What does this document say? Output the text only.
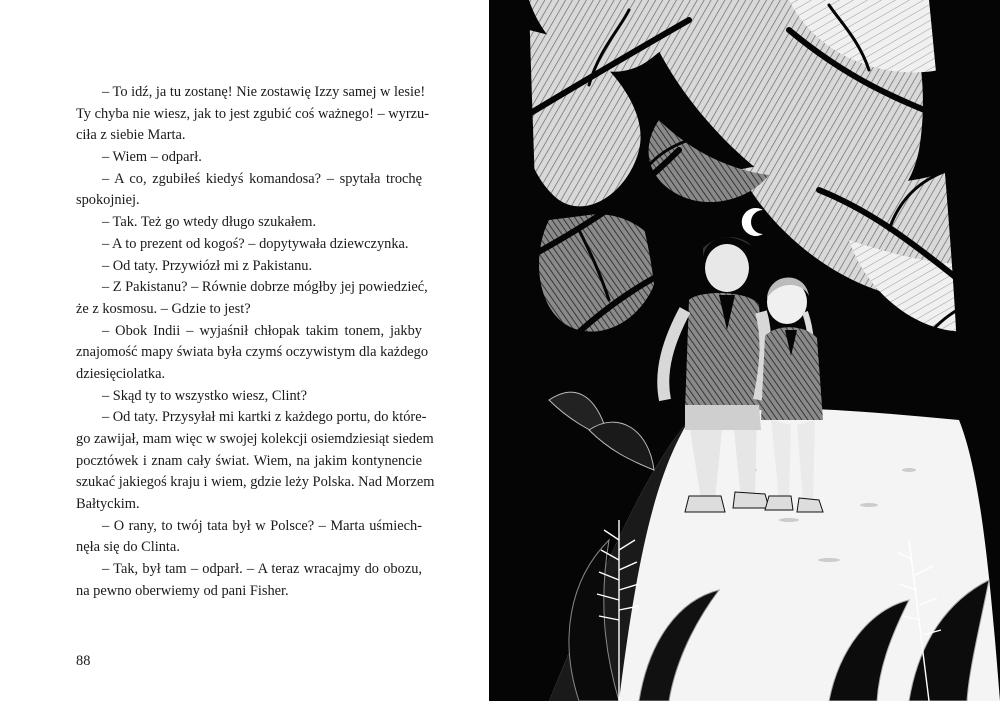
– To idź, ja tu zostanę! Nie zostawię Izzy samej w lesie!
Ty chyba nie wiesz, jak to jest zgubić coś ważnego! – wyrzu-
ciła z siebie Marta.
– Wiem – odparł.
– A co, zgubiłeś kiedyś komandosa? – spytała trochę
spokojniej.
– Tak. Też go wtedy długo szukałem.
– A to prezent od kogoś? – dopytywała dziewczynka.
– Od taty. Przywiózł mi z Pakistanu.
– Z Pakistanu? – Równie dobrze mógłby jej powiedzieć,
że z kosmosu. – Gdzie to jest?
– Obok Indii – wyjaśnił chłopak takim tonem, jakby
znajomość mapy świata była czymś oczywistym dla każdego
dziesięciolatka.
– Skąd ty to wszystko wiesz, Clint?
– Od taty. Przysyłał mi kartki z każdego portu, do które-
go zawijał, mam więc w swojej kolekcji osiemdziesiąt siedem
pocztówek i znam cały świat. Wiem, na jakim kontynencie
szukać jakiegoś kraju i wiem, gdzie leży Polska. Nad Morzem
Bałtyckim.
– O rany, to twój tata był w Polsce? – Marta uśmiech-
nęła się do Clinta.
– Tak, był tam – odparł. – A teraz wracajmy do obozu,
na pewno oberwiemy od pani Fisher.
88
